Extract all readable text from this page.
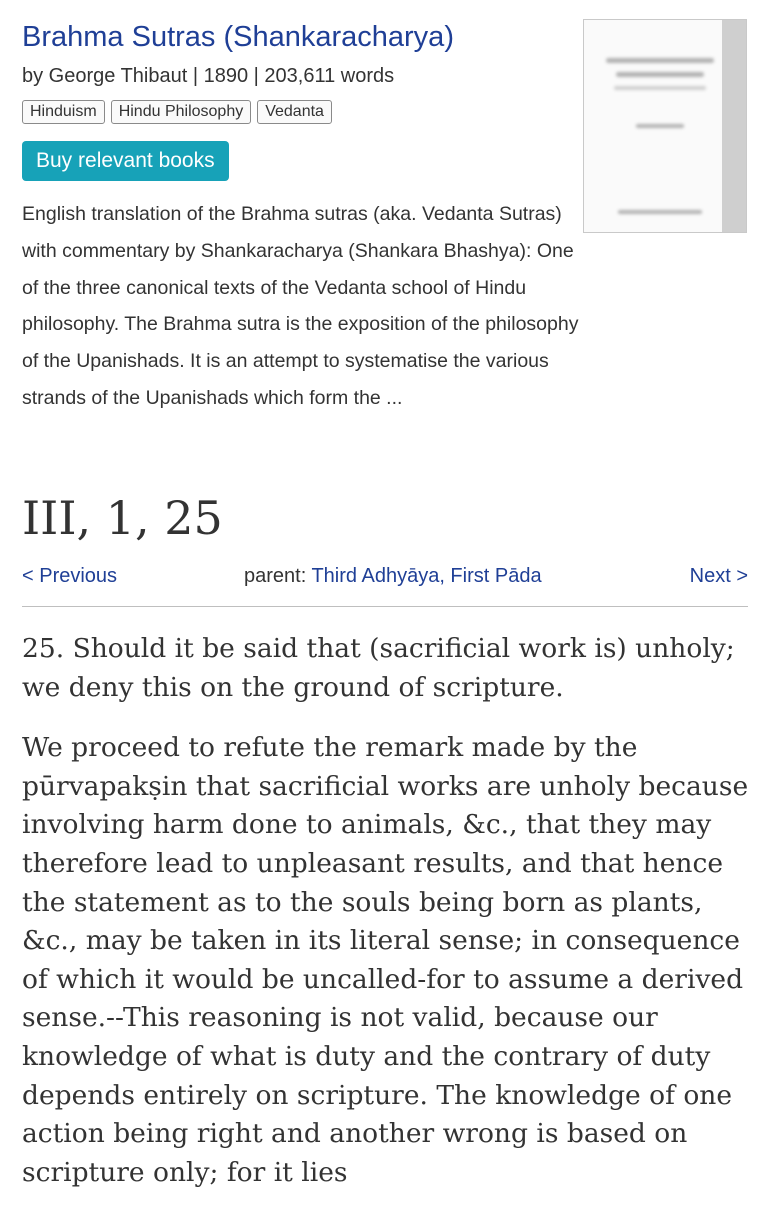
Brahma Sutras (Shankaracharya)
by George Thibaut | 1890 | 203,611 words
Hinduism	Hindu Philosophy	Vedanta
Buy relevant books
English translation of the Brahma sutras (aka. Vedanta Sutras) with commentary by Shankaracharya (Shankara Bhashya): One of the three canonical texts of the Vedanta school of Hindu philosophy. The Brahma sutra is the exposition of the philosophy of the Upanishads. It is an attempt to systematise the various strands of the Upanishads which form the ...
III, 1, 25
< Previous	parent: Third Adhyāya, First Pāda	Next >

25. Should it be said that (sacrificial work is) unholy; we deny this on the ground of scripture.

We proceed to refute the remark made by the pūrvapakṣin that sacrificial works are unholy because involving harm done to animals, &c., that they may therefore lead to unpleasant results, and that hence the statement as to the souls being born as plants, &c., may be taken in its literal sense; in consequence of which it would be uncalled-for to assume a derived sense.--This reasoning is not valid, because our knowledge of what is duty and the contrary of duty depends entirely on scripture. The knowledge of one action being right and another wrong is based on scripture only; for it lies
